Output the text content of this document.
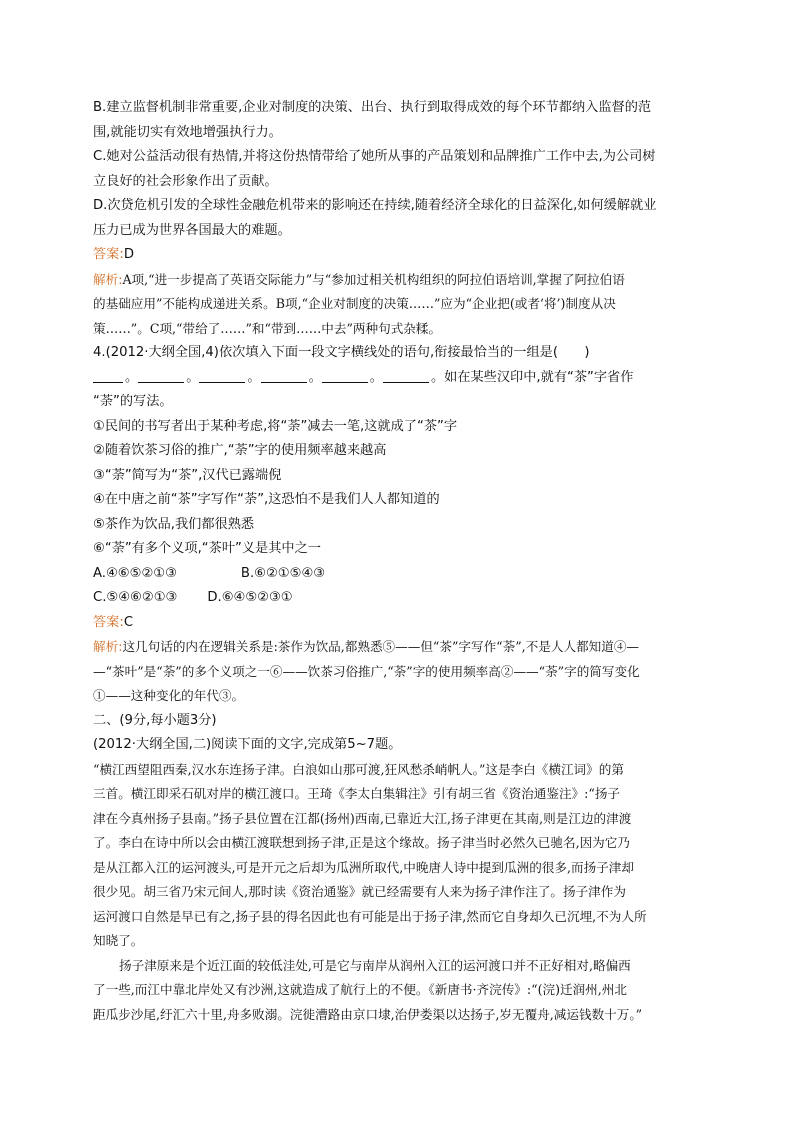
B.建立监督机制非常重要,企业对制度的决策、出台、执行到取得成效的每个环节都纳入监督的范
围,就能切实有效地增强执行力。
C.她对公益活动很有热情,并将这份热情带给了她所从事的产品策划和品牌推广工作中去,为公司树
立良好的社会形象作出了贡献。
D.次贷危机引发的全球性金融危机带来的影响还在持续,随着经济全球化的日益深化,如何缓解就业
压力已成为世界各国最大的难题。
答案:D
解析:A项,“进一步提高了英语交际能力”与“参加过相关机构组织的阿拉伯语培训,掌握了阿拉伯语
的基础应用”不能构成递进关系。B项,“企业对制度的决策……”应为“企业把(或者‘将’)制度从决
策……”。C项,“带给了……”和“带到……中去”两种句式杂糅。
4.(2012·大纲全国,4)依次填入下面一段文字横线处的语句,衔接最恰当的一组是(　　)
。	。	。	。	。	。如在某些汉印中,就有“茶”字省作
“荼”的写法。
①民间的书写者出于某种考虑,将“荼”减去一笔,这就成了“茶”字
②随着饮茶习俗的推广,“荼”字的使用频率越来越高
③“荼”简写为“茶”,汉代已露端倪
④在中唐之前“茶”字写作“荼”,这恐怕不是我们人人都知道的
⑤茶作为饮品,我们都很熟悉
⑥“荼”有多个义项,“茶叶”义是其中之一
A.④⑥⑤②①③	B.⑥②①⑤④③
C.⑤④⑥②①③ D.⑥④⑤②③①
答案:C
解析:这几句话的内在逻辑关系是:茶作为饮品,都熟悉⑤——但“茶”字写作“荼”,不是人人都知道④—
—“茶叶”是“荼”的多个义项之一⑥——饮茶习俗推广,“荼”字的使用频率高②——“荼”字的简写变化
①——这种变化的年代③。
二、(9分,每小题3分)
(2012·大纲全国,二)阅读下面的文字,完成第5~7题。
“横江西望阻西秦,汉水东连扬子津。白浪如山那可渡,狂风愁杀峭帆人。”这是李白《横江词》的第
三首。横江即采石矶对岸的横江渡口。王琦《李太白集辑注》引有胡三省《资治通鉴注》:“扬子
津在今真州扬子县南。”扬子县位置在江都(扬州)西南,已靠近大江,扬子津更在其南,则是江边的津渡
了。李白在诗中所以会由横江渡联想到扬子津,正是这个缘故。扬子津当时必然久已驰名,因为它乃
是从江都入江的运河渡头,可是开元之后却为瓜洲所取代,中晚唐人诗中提到瓜洲的很多,而扬子津却
很少见。胡三省乃宋元间人,那时读《资治通鉴》就已经需要有人来为扬子津作注了。扬子津作为
运河渡口自然是早已有之,扬子县的得名因此也有可能是出于扬子津,然而它自身却久已沉埋,不为人所
知晓了。
扬子津原来是个近江面的较低洼处,可是它与南岸从润州入江的运河渡口并不正好相对,略偏西
了一些,而江中靠北岸处又有沙洲,这就造成了航行上的不便。《新唐书·齐浣传》:“(浣)迁润州,州北
距瓜步沙尾,纡汇六十里,舟多败溺。浣徙漕路由京口埭,治伊娄渠以达扬子,岁无覆舟,减运钱数十万。”
